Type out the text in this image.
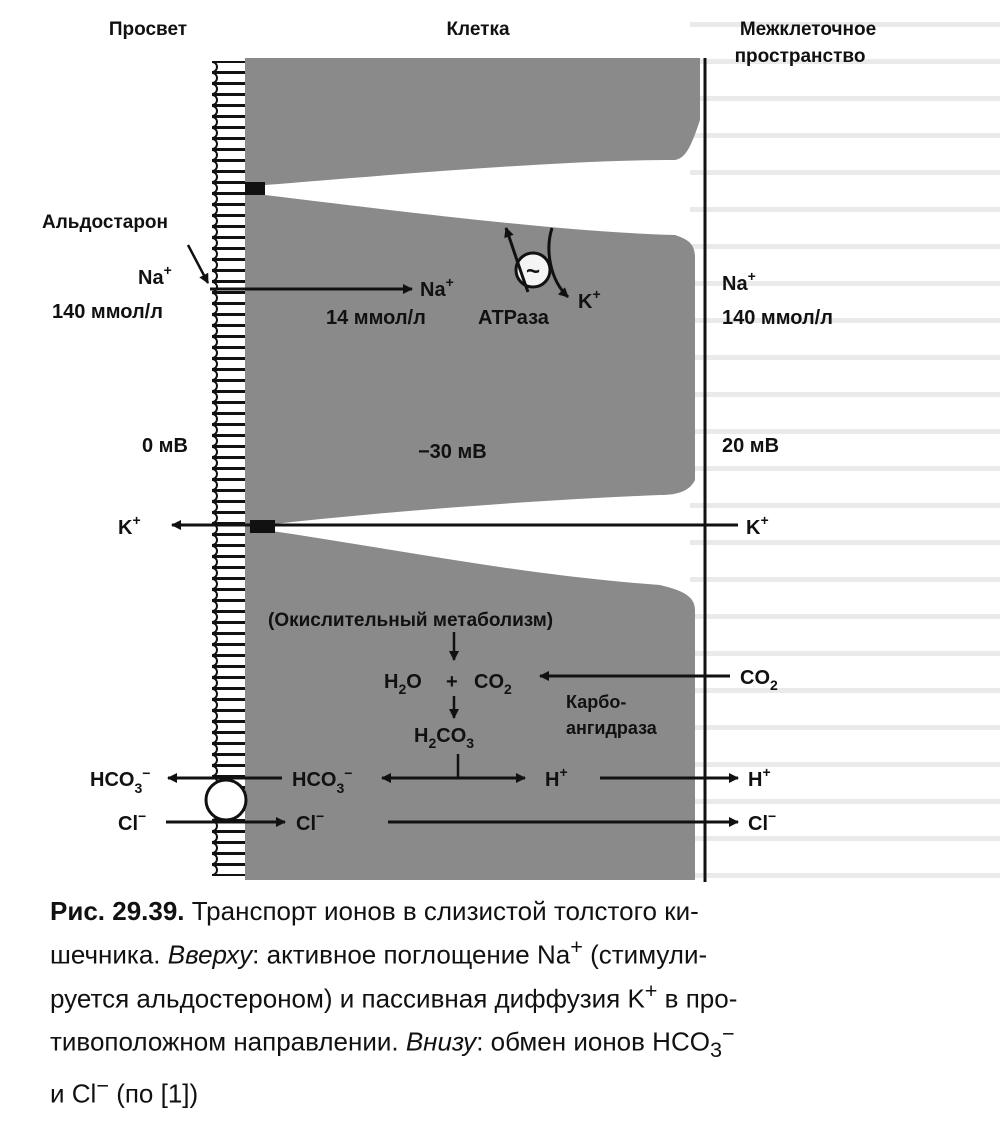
~
Просвет	Клетка	Межклеточное
пространство
Альдостарон
Na+
140 ммол/л
Na+
14 ммол/л	АТРаза
K+	Na+
140 ммол/л
0 мВ	−30 мВ	20 мВ
K+	K+
(Окислительный метаболизм)
$H_2O + CO_2$	$CO_2$
Карбо-
ангидраза
$H_2CO_3$
$HCO_3^-$	$HCO_3^-$	H+	H+
Cl−	Cl−	Cl−
Рис. 29.39. Транспорт ионов в слизистой толстого ки-
шечника. Вверху: активное поглощение Na+ (стимули-
руется альдостероном) и пассивная диффузия K+ в про-
тивоположном направлении. Внизу: обмен ионов $HCO_3^-$
и Cl− (по [1])
